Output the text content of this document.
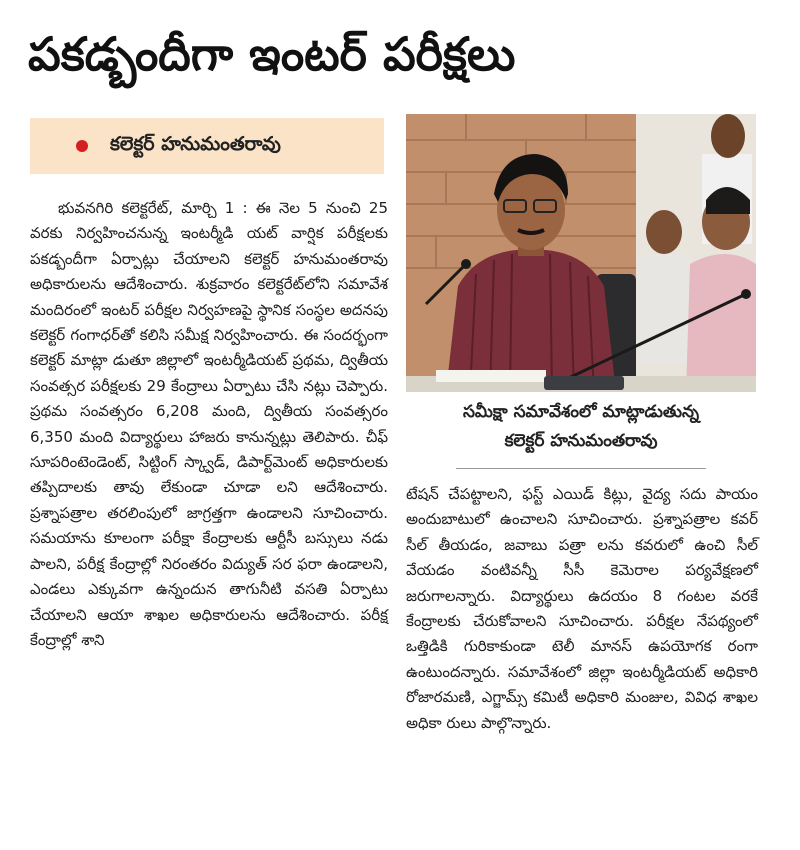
పకడ్బందీగా ఇంటర్ పరీక్షలు
కలెక్టర్ హనుమంతరావు

భువనగిరి కలెక్టరేట్, మార్చి 1 : ఈ నెల 5 నుంచి 25 వరకు నిర్వహించనున్న ఇంటర్మీడి యట్ వార్షిక పరీక్షలకు పకడ్బందీగా ఏర్పాట్లు చేయాలని కలెక్టర్ హనుమంతరావు అధికారులను ఆదేశించారు. శుక్రవారం కలెక్టరేట్‌లోని సమావేశ మందిరంలో ఇంటర్ పరీక్షల నిర్వహణపై స్థానిక సంస్థల అదనపు కలెక్టర్ గంగాధర్‌తో కలిసి సమీక్ష నిర్వహించారు. ఈ సందర్భంగా కలెక్టర్ మాట్లా డుతూ జిల్లాలో ఇంటర్మీడియట్ ప్రథమ, ద్వితీయ సంవత్సర పరీక్షలకు 29 కేంద్రాలు ఏర్పాటు చేసి నట్లు చెప్పారు. ప్రథమ సంవత్సరం 6,208 మంది, ద్వితీయ సంవత్సరం 6,350 మంది విద్యార్థులు హాజరు కానున్నట్లు తెలిపారు. చీఫ్ సూపరింటెండెంట్, సిట్టింగ్ స్క్వాడ్, డిపార్ట్‌మెంట్ అధికారులకు తప్పిదాలకు తావు లేకుండా చూడా లని ఆదేశించారు. ప్రశ్నాపత్రాల తరలింపులో జాగ్రత్తగా ఉండాలని సూచించారు. సమయాను కూలంగా పరీక్షా కేంద్రాలకు ఆర్టీసీ బస్సులు నడు పాలని, పరీక్ష కేంద్రాల్లో నిరంతరం విద్యుత్ సర ఫరా ఉండాలని, ఎండలు ఎక్కువగా ఉన్నందున తాగునీటి వసతి ఏర్పాటు చేయాలని ఆయా శాఖల అధికారులను ఆదేశించారు. పరీక్ష కేంద్రాల్లో శాని

సమీక్షా సమావేశంలో మాట్లాడుతున్న
కలెక్టర్ హనుమంతరావు

టేషన్ చేపట్టాలని, ఫస్ట్ ఎయిడ్ కిట్లు, వైద్య సదు పాయం అందుబాటులో ఉంచాలని సూచించారు. ప్రశ్నాపత్రాల కవర్ సీల్ తీయడం, జవాబు పత్రా లను కవరులో ఉంచి సీల్ వేయడం వంటివన్నీ సీసీ కెమెరాల పర్యవేక్షణలో జరుగాలన్నారు. విద్యార్థులు ఉదయం 8 గంటల వరకే కేంద్రాలకు చేరుకోవాలని సూచించారు. పరీక్షల నేపథ్యంలో ఒత్తిడికి గురికాకుండా టెలీ మానస్ ఉపయోగక రంగా ఉంటుందన్నారు. సమావేశంలో జిల్లా ఇంటర్మీడియట్ అధికారి రోజారమణి, ఎగ్జామ్స్ కమిటీ అధికారి మంజుల, వివిధ శాఖల అధికా రులు పాల్గొన్నారు.
